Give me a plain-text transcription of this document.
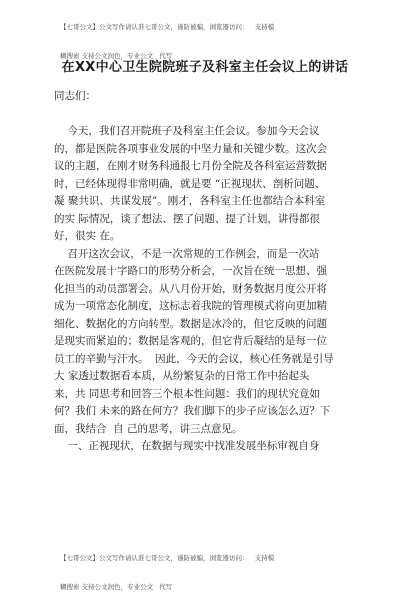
【七哥公文】公文写作请认准七哥公文，谨防被骗，浏览器访问：   支持模

糊搜索 支持公文润色，专业公文   代写

在XX中心卫生院院班子及科室主任会议上的讲话
同志们：
今天，我们召开院班子及科室主任会议。参加今天会议
的，都是医院各项事业发展的中坚力量和关键少数。这次会
议的主题，在刚才财务科通报七月份全院及各科室运营数据
时，已经体现得非常明确，就是要 “正视现状、剖析问题、
凝 聚共识、共谋发展”。刚才，各科室主任也都结合本科室
的实 际情况，谈了想法、摆了问题、提了计划，讲得都很
好，很实 在。
召开这次会议，不是一次常规的工作例会，而是一次站
在医院发展十字路口的形势分析会，一次旨在统一思想、强
化担当的动员部署会。从八月份开始，财务数据月度公开将
成为一项常态化制度，这标志着我院的管理模式将向更加精
细化、数据化的方向转型。数据是冰冷的，但它反映的问题
是现实而紧迫的；数据是客观的，但它背后凝结的是每一位
员工的辛勤与汗水。  因此，今天的会议，核心任务就是引导
大 家透过数据看本质，从纷繁复杂的日常工作中抬起头
来，共 同思考和回答三个根本性问题：我们的现状究竟如
何？我们 未来的路在何方？我们脚下的步子应该怎么迈？下
面，我结合  自 己的思考，讲三点意见。
一、正视现状，在数据与现实中找准发展坐标审视自身

【七哥公文】公文写作请认准七哥公文，谨防被骗，浏览器访问：   支持模

糊搜索 支持公文润色，专业公文   代写
